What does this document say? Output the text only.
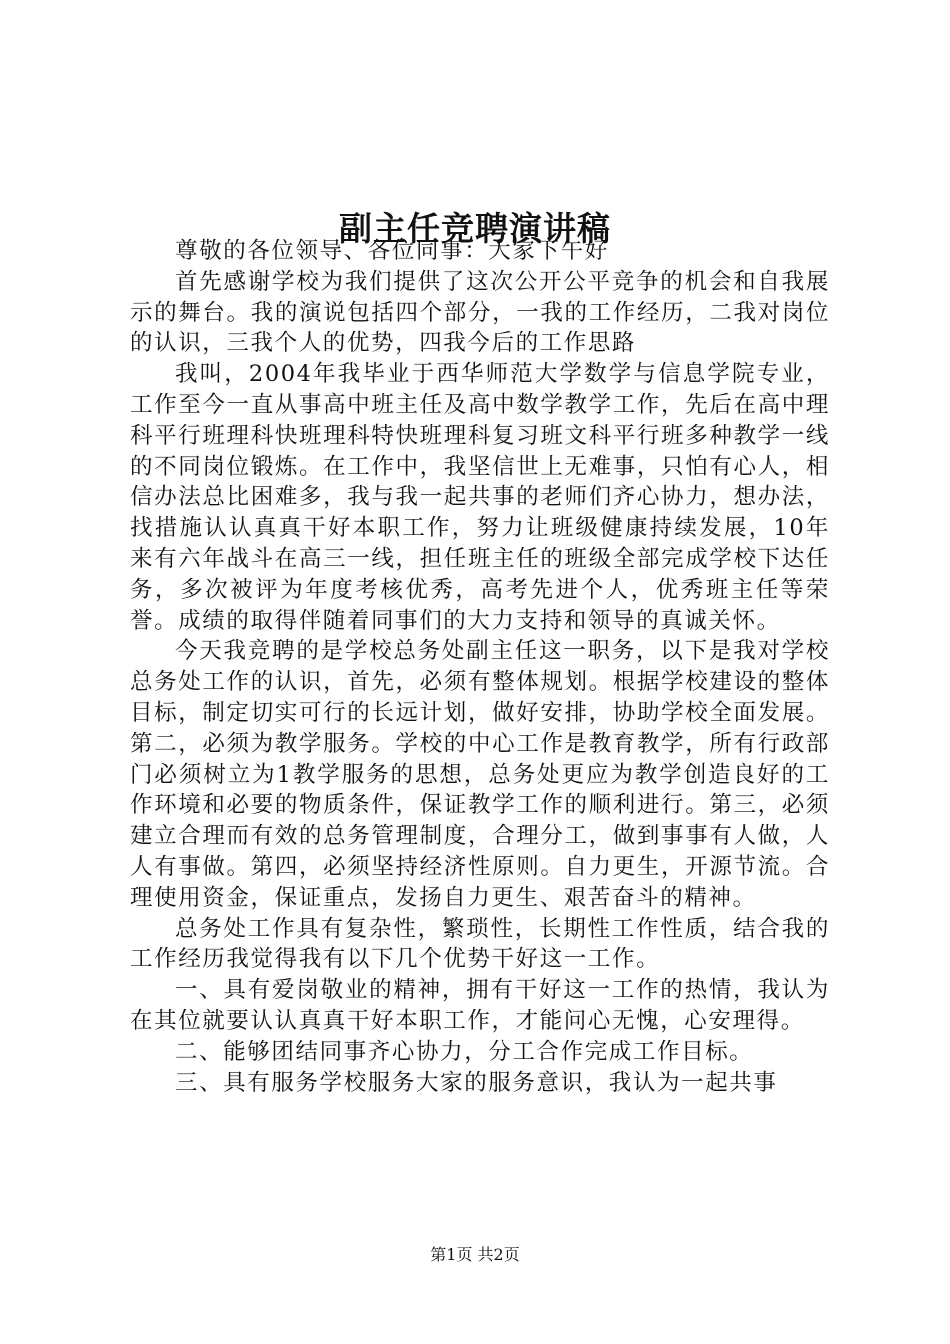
副主任竞聘演讲稿

尊敬的各位领导、各位同事：大家下午好

首先感谢学校为我们提供了这次公开公平竞争的机会和自我展示的舞台。我的演说包括四个部分，一我的工作经历，二我对岗位的认识，三我个人的优势，四我今后的工作思路

我叫，2004年我毕业于西华师范大学数学与信息学院专业，工作至今一直从事高中班主任及高中数学教学工作，先后在高中理科平行班理科快班理科特快班理科复习班文科平行班多种教学一线的不同岗位锻炼。在工作中，我坚信世上无难事，只怕有心人，相信办法总比困难多，我与我一起共事的老师们齐心协力，想办法，找措施认认真真干好本职工作，努力让班级健康持续发展，10年来有六年战斗在高三一线，担任班主任的班级全部完成学校下达任务，多次被评为年度考核优秀，高考先进个人，优秀班主任等荣誉。成绩的取得伴随着同事们的大力支持和领导的真诚关怀。

今天我竞聘的是学校总务处副主任这一职务，以下是我对学校总务处工作的认识，首先，必须有整体规划。根据学校建设的整体目标，制定切实可行的长远计划，做好安排，协助学校全面发展。第二，必须为教学服务。学校的中心工作是教育教学，所有行政部门必须树立为1教学服务的思想，总务处更应为教学创造良好的工作环境和必要的物质条件，保证教学工作的顺利进行。第三，必须建立合理而有效的总务管理制度，合理分工，做到事事有人做，人人有事做。第四，必须坚持经济性原则。自力更生，开源节流。合理使用资金，保证重点，发扬自力更生、艰苦奋斗的精神。

总务处工作具有复杂性，繁琐性，长期性工作性质，结合我的工作经历我觉得我有以下几个优势干好这一工作。

一、具有爱岗敬业的精神，拥有干好这一工作的热情，我认为在其位就要认认真真干好本职工作，才能问心无愧，心安理得。

二、能够团结同事齐心协力，分工合作完成工作目标。

三、具有服务学校服务大家的服务意识，我认为一起共事

第1页 共2页
